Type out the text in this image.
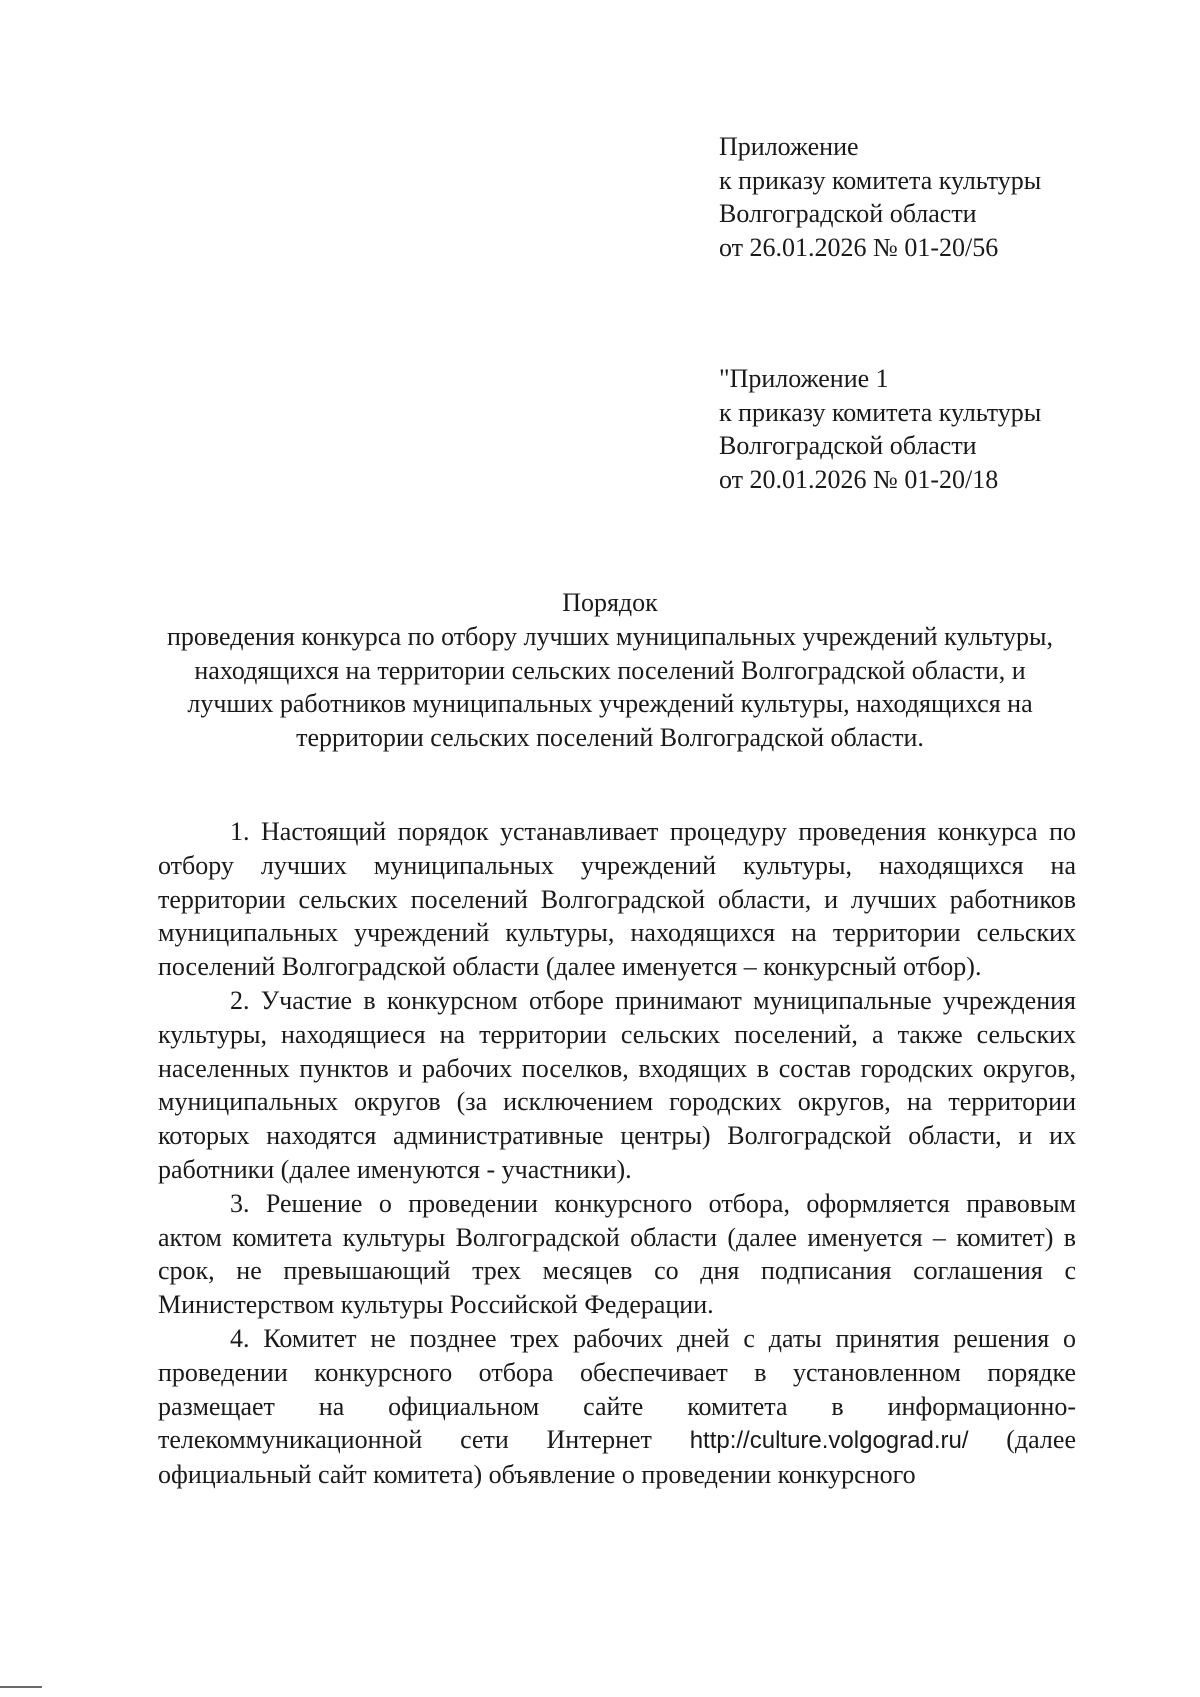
Приложение
к приказу комитета культуры
Волгоградской области
от 26.01.2026 № 01-20/56
"Приложение 1
к приказу комитета культуры
Волгоградской области
от 20.01.2026 № 01-20/18
Порядок
проведения конкурса по отбору лучших муниципальных учреждений культуры, находящихся на территории сельских поселений Волгоградской области, и лучших работников муниципальных учреждений культуры, находящихся на территории сельских поселений Волгоградской области.

1. Настоящий порядок устанавливает процедуру проведения конкурса по отбору лучших муниципальных учреждений культуры, находящихся на территории сельских поселений Волгоградской области, и лучших работников муниципальных учреждений культуры, находящихся на территории сельских поселений Волгоградской области (далее именуется – конкурсный отбор).

2. Участие в конкурсном отборе принимают муниципальные учреждения культуры, находящиеся на территории сельских поселений, а также сельских населенных пунктов и рабочих поселков, входящих в состав городских округов, муниципальных округов (за исключением городских округов, на территории которых находятся административные центры) Волгоградской области, и их работники (далее именуются - участники).

3. Решение о проведении конкурсного отбора, оформляется правовым актом комитета культуры Волгоградской области (далее именуется – комитет) в срок, не превышающий трех месяцев со дня подписания соглашения с Министерством культуры Российской Федерации.

4. Комитет не позднее трех рабочих дней с даты принятия решения о проведении конкурсного отбора обеспечивает в установленном порядке размещает на официальном сайте комитета в информационно-телекоммуникационной сети Интернет http://culture.volgograd.ru/ (далее официальный сайт комитета) объявление о проведении конкурсного
